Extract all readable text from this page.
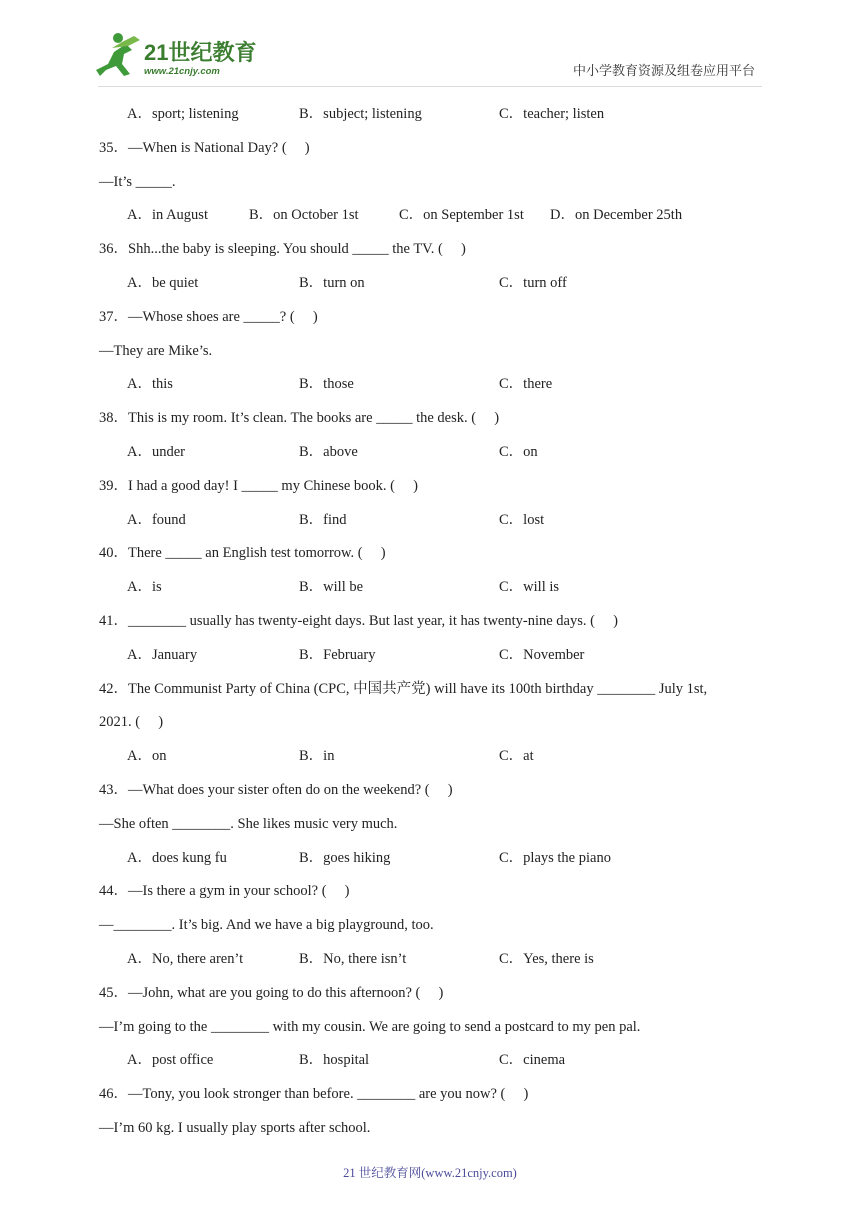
21世纪教育
www.21cnjy.com	中小学教育资源及组卷应用平台
A．sport; listening	B．subject; listening	C．teacher; listen
35．—When is National Day? (　 )
—It’s _____.
A．in August	B．on October 1st	C．on September 1st D．on December 25th
36．Shh...the baby is sleeping. You should _____ the TV. (　 )
A．be quiet	B．turn on	C．turn off
37．—Whose shoes are _____? (　 )
—They are Mike’s.
A．this	B．those	C．there
38．This is my room. It’s clean. The books are _____ the desk. (　 )
A．under	B．above	C．on
39．I had a good day! I _____ my Chinese book. (　 )
A．found	B．find	C．lost
40．There _____ an English test tomorrow. (　 )
A．is	B．will be	C．will is
41．________ usually has twenty-eight days. But last year, it has twenty-nine days. (　 )
A．January	B．February	C．November
42．The Communist Party of China (CPC, 中国共产党) will have its 100th birthday ________ July 1st,
2021. (　 )
A．on	B．in	C．at
43．—What does your sister often do on the weekend? (　 )
—She often ________. She likes music very much.
A．does kung fu	B．goes hiking	C．plays the piano
44．—Is there a gym in your school? (　 )
—________. It’s big. And we have a big playground, too.
A．No, there aren’t	B．No, there isn’t	C．Yes, there is
45．—John, what are you going to do this afternoon? (　 )
—I’m going to the ________ with my cousin. We are going to send a postcard to my pen pal.
A．post office	B．hospital	C．cinema
46．—Tony, you look stronger than before. ________ are you now? (　 )
—I’m 60 kg. I usually play sports after school.
21 世纪教育网(www.21cnjy.com)
